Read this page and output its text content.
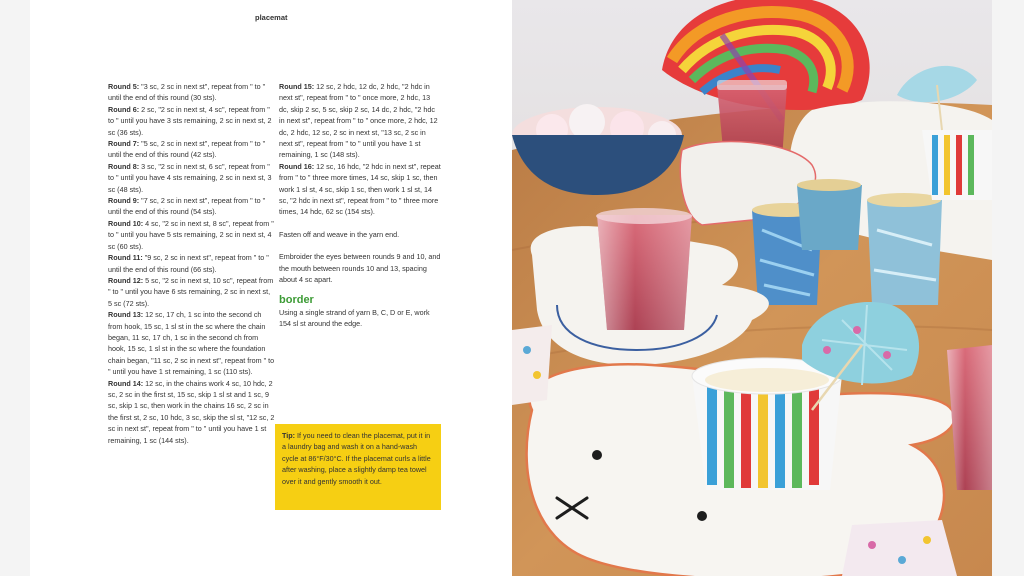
placemat

Round 5: "3 sc, 2 sc in next st", repeat from " to " until the end of this round (30 sts).

Round 6: 2 sc, "2 sc in next st, 4 sc", repeat from " to " until you have 3 sts remaining, 2 sc in next st, 2 sc (36 sts).

Round 7: "5 sc, 2 sc in next st", repeat from " to " until the end of this round (42 sts).

Round 8: 3 sc, "2 sc in next st, 6 sc", repeat from " to " until you have 4 sts remaining, 2 sc in next st, 3 sc (48 sts).

Round 9: "7 sc, 2 sc in next st", repeat from " to " until the end of this round (54 sts).

Round 10: 4 sc, "2 sc in next st, 8 sc", repeat from " to " until you have 5 sts remaining, 2 sc in next st, 4 sc (60 sts).

Round 11: "9 sc, 2 sc in next st", repeat from " to " until the end of this round (66 sts).

Round 12: 5 sc, "2 sc in next st, 10 sc", repeat from " to " until you have 6 sts remaining, 2 sc in next st, 5 sc (72 sts).

Round 13: 12 sc, 17 ch, 1 sc into the second ch from hook, 15 sc, 1 sl st in the sc where the chain began, 11 sc, 17 ch, 1 sc in the second ch from hook, 15 sc, 1 sl st in the sc where the foundation chain began, "11 sc, 2 sc in next st", repeat from " to " until you have 1 st remaining, 1 sc (110 sts).

Round 14: 12 sc, in the chains work 4 sc, 10 hdc, 2 sc, 2 sc in the first st, 15 sc, skip 1 sl st and 1 sc, 9 sc, skip 1 sc, then work in the chains 16 sc, 2 sc in the first st, 2 sc, 10 hdc, 3 sc, skip the sl st, "12 sc, 2 sc in next st", repeat from " to " until you have 1 st remaining, 1 sc (144 sts).

Round 15: 12 sc, 2 hdc, 12 dc, 2 hdc, "2 hdc in next st", repeat from " to " once more, 2 hdc, 13 dc, skip 2 sc, 5 sc, skip 2 sc, 14 dc, 2 hdc, "2 hdc in next st", repeat from " to " once more, 2 hdc, 12 dc, 2 hdc, 12 sc, 2 sc in next st, "13 sc, 2 sc in next st", repeat from " to " until you have 1 st remaining, 1 sc (148 sts).

Round 16: 12 sc, 16 hdc, "2 hdc in next st", repeat from " to " three more times, 14 sc, skip 1 sc, then work 1 sl st, 4 sc, skip 1 sc, then work 1 sl st, 14 sc, "2 hdc in next st", repeat from " to " three more times, 14 hdc, 62 sc (154 sts).

Fasten off and weave in the yarn end.

Embroider the eyes between rounds 9 and 10, and the mouth between rounds 10 and 13, spacing about 4 sc apart.

border

Using a single strand of yarn B, C, D or E, work 154 sl st around the edge.

Tip: If you need to clean the placemat, put it in a laundry bag and wash it on a hand-wash cycle at 86°F/30°C. If the placemat curls a little after washing, place a slightly damp tea towel over it and gently smooth it out.
